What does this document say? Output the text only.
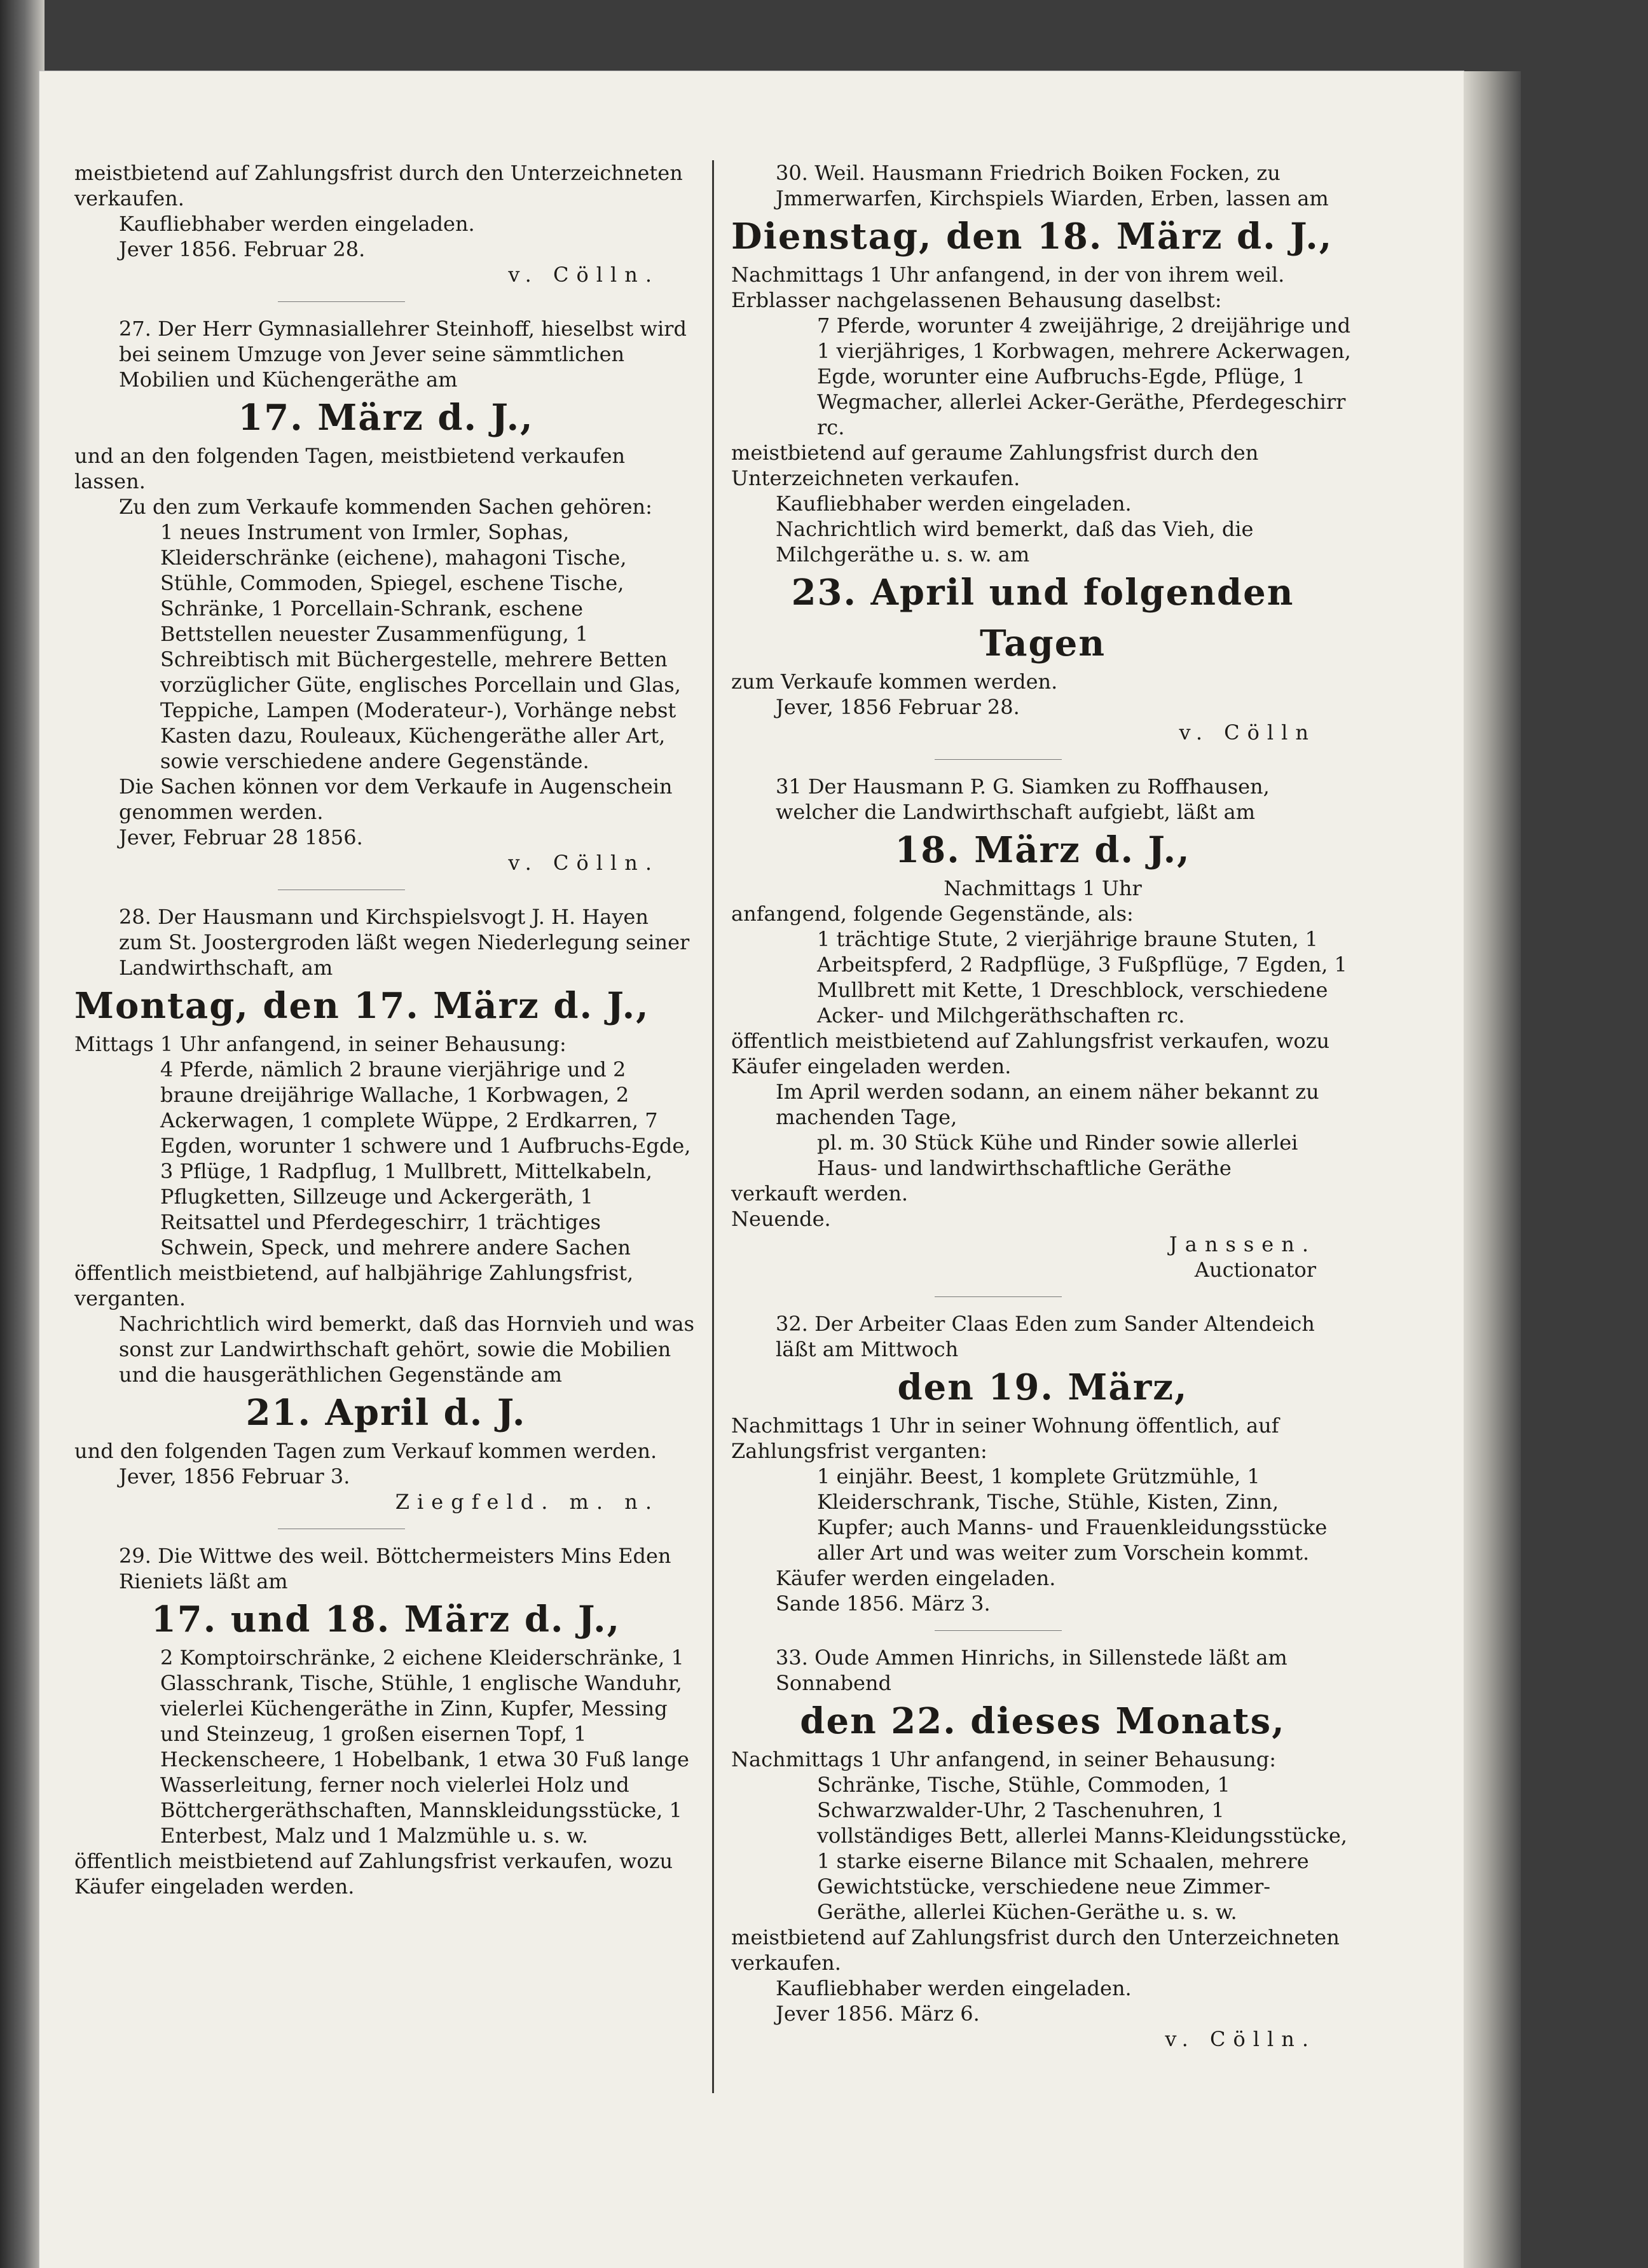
meistbietend auf Zahlungsfrist durch den Unterzeichneten verkaufen.

Kaufliebhaber werden eingeladen.

Jever 1856. Februar 28.

v. Cölln.

27. Der Herr Gymnasiallehrer Steinhoff, hieselbst wird bei seinem Umzuge von Jever seine sämmtlichen Mobilien und Küchengeräthe am

17. März d. J.,

und an den folgenden Tagen, meistbietend verkaufen lassen.

Zu den zum Verkaufe kommenden Sachen gehören:

1 neues Instrument von Irmler, Sophas, Kleiderschränke (eichene), mahagoni Tische, Stühle, Commoden, Spiegel, eschene Tische, Schränke, 1 Porcellain-Schrank, eschene Bettstellen neuester Zusammenfügung, 1 Schreibtisch mit Büchergestelle, mehrere Betten vorzüglicher Güte, englisches Porcellain und Glas, Teppiche, Lampen (Moderateur-), Vorhänge nebst Kasten dazu, Rouleaux, Küchengeräthe aller Art, sowie verschiedene andere Gegenstände.

Die Sachen können vor dem Verkaufe in Augenschein genommen werden.

Jever, Februar 28 1856.

v. Cölln.

28. Der Hausmann und Kirchspielsvogt J. H. Hayen zum St. Joostergroden läßt wegen Niederlegung seiner Landwirthschaft, am

Montag, den 17. März d. J.,

Mittags 1 Uhr anfangend, in seiner Behausung:

4 Pferde, nämlich 2 braune vierjährige und 2 braune dreijährige Wallache, 1 Korbwagen, 2 Ackerwagen, 1 complete Wüppe, 2 Erdkarren, 7 Egden, worunter 1 schwere und 1 Aufbruchs-Egde, 3 Pflüge, 1 Radpflug, 1 Mullbrett, Mittelkabeln, Pflugketten, Sillzeuge und Ackergeräth, 1 Reitsattel und Pferdegeschirr, 1 trächtiges Schwein, Speck, und mehrere andere Sachen

öffentlich meistbietend, auf halbjährige Zahlungsfrist, verganten.

Nachrichtlich wird bemerkt, daß das Hornvieh und was sonst zur Landwirthschaft gehört, sowie die Mobilien und die hausgeräthlichen Gegenstände am

21. April d. J.

und den folgenden Tagen zum Verkauf kommen werden.

Jever, 1856 Februar 3.

Ziegfeld. m. n.

29. Die Wittwe des weil. Böttchermeisters Mins Eden Rieniets läßt am

17. und 18. März d. J.,

2 Komptoirschränke, 2 eichene Kleiderschränke, 1 Glasschrank, Tische, Stühle, 1 englische Wanduhr, vielerlei Küchengeräthe in Zinn, Kupfer, Messing und Steinzeug, 1 großen eisernen Topf, 1 Heckenscheere, 1 Hobelbank, 1 etwa 30 Fuß lange Wasserleitung, ferner noch vielerlei Holz und Böttchergeräthschaften, Mannskleidungsstücke, 1 Enterbest, Malz und 1 Malzmühle u. s. w.

öffentlich meistbietend auf Zahlungsfrist verkaufen, wozu Käufer eingeladen werden.

30. Weil. Hausmann Friedrich Boiken Focken, zu Jmmerwarfen, Kirchspiels Wiarden, Erben, lassen am

Dienstag, den 18. März d. J.,

Nachmittags 1 Uhr anfangend, in der von ihrem weil. Erblasser nachgelassenen Behausung daselbst:

7 Pferde, worunter 4 zweijährige, 2 dreijährige und 1 vierjähriges, 1 Korbwagen, mehrere Ackerwagen, Egde, worunter eine Aufbruchs-Egde, Pflüge, 1 Wegmacher, allerlei Acker-Geräthe, Pferdegeschirr rc.

meistbietend auf geraume Zahlungsfrist durch den Unterzeichneten verkaufen.

Kaufliebhaber werden eingeladen.

Nachrichtlich wird bemerkt, daß das Vieh, die Milchgeräthe u. s. w. am

23. April und folgenden Tagen

zum Verkaufe kommen werden.

Jever, 1856 Februar 28.

v. Cölln

31 Der Hausmann P. G. Siamken zu Roffhausen, welcher die Landwirthschaft aufgiebt, läßt am

18. März d. J.,

Nachmittags 1 Uhr

anfangend, folgende Gegenstände, als:

1 trächtige Stute, 2 vierjährige braune Stuten, 1 Arbeitspferd, 2 Radpflüge, 3 Fußpflüge, 7 Egden, 1 Mullbrett mit Kette, 1 Dreschblock, verschiedene Acker- und Milchgeräthschaften rc.

öffentlich meistbietend auf Zahlungsfrist verkaufen, wozu Käufer eingeladen werden.

Im April werden sodann, an einem näher bekannt zu machenden Tage,

pl. m. 30 Stück Kühe und Rinder sowie allerlei Haus- und landwirthschaftliche Geräthe

verkauft werden.

Neuende.

Janssen.

Auctionator

32. Der Arbeiter Claas Eden zum Sander Altendeich läßt am Mittwoch

den 19. März,

Nachmittags 1 Uhr in seiner Wohnung öffentlich, auf Zahlungsfrist verganten:

1 einjähr. Beest, 1 komplete Grützmühle, 1 Kleiderschrank, Tische, Stühle, Kisten, Zinn, Kupfer; auch Manns- und Frauenkleidungsstücke aller Art und was weiter zum Vorschein kommt.

Käufer werden eingeladen.

Sande 1856. März 3.

33. Oude Ammen Hinrichs, in Sillenstede läßt am Sonnabend

den 22. dieses Monats,

Nachmittags 1 Uhr anfangend, in seiner Behausung:

Schränke, Tische, Stühle, Commoden, 1 Schwarzwalder-Uhr, 2 Taschenuhren, 1 vollständiges Bett, allerlei Manns-Kleidungsstücke, 1 starke eiserne Bilance mit Schaalen, mehrere Gewichtstücke, verschiedene neue Zimmer-Geräthe, allerlei Küchen-Geräthe u. s. w.

meistbietend auf Zahlungsfrist durch den Unterzeichneten verkaufen.

Kaufliebhaber werden eingeladen.

Jever 1856. März 6.

v. Cölln.
